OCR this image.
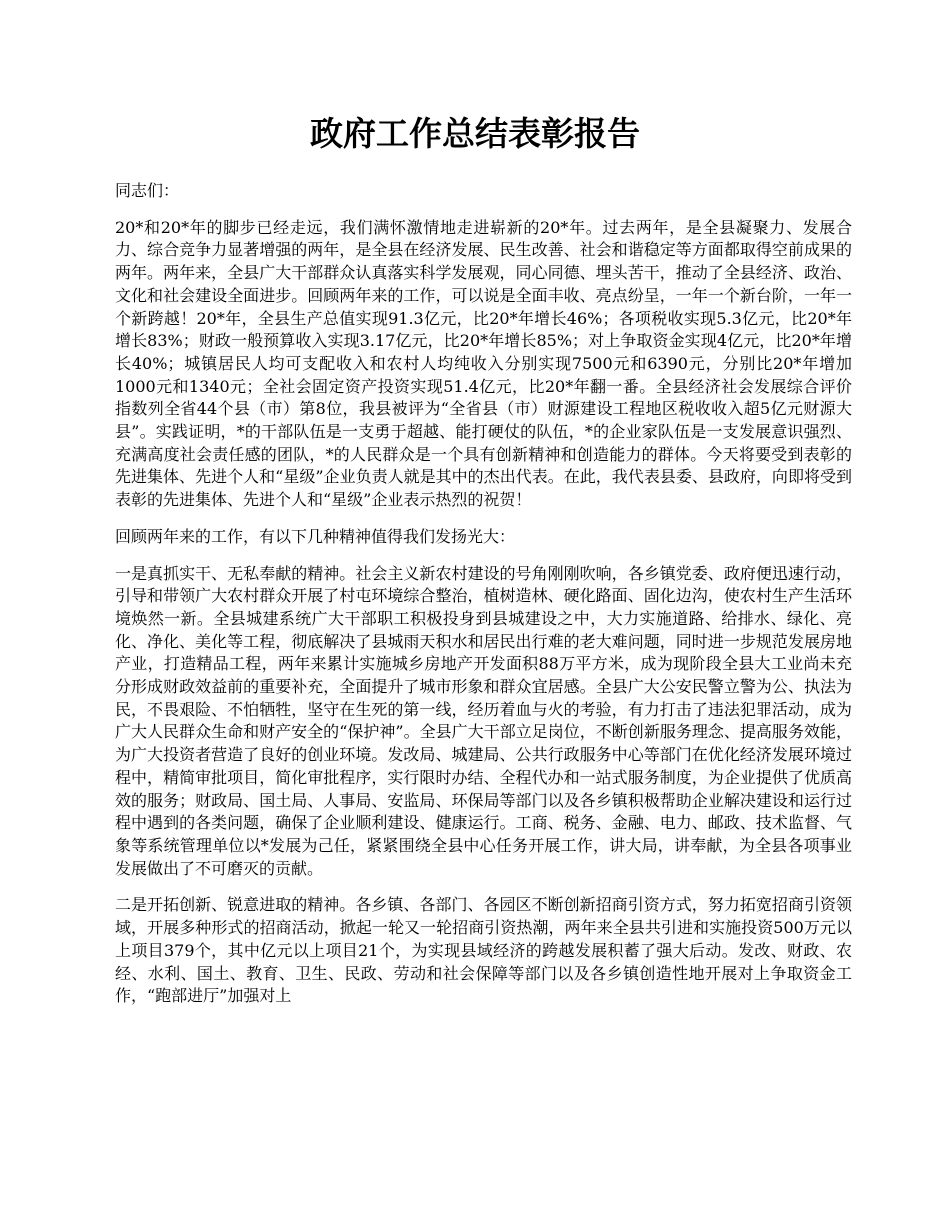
政府工作总结表彰报告

同志们：

20*和20*年的脚步已经走远，我们满怀激情地走进崭新的20*年。过去两年，是全县凝聚力、发展合力、综合竞争力显著增强的两年，是全县在经济发展、民生改善、社会和谐稳定等方面都取得空前成果的两年。两年来，全县广大干部群众认真落实科学发展观，同心同德、埋头苦干，推动了全县经济、政治、文化和社会建设全面进步。回顾两年来的工作，可以说是全面丰收、亮点纷呈，一年一个新台阶，一年一个新跨越！20*年，全县生产总值实现91.3亿元，比20*年增长46%；各项税收实现5.3亿元，比20*年增长83%；财政一般预算收入实现3.17亿元，比20*年增长85%；对上争取资金实现4亿元，比20*年增长40%；城镇居民人均可支配收入和农村人均纯收入分别实现7500元和6390元，分别比20*年增加1000元和1340元；全社会固定资产投资实现51.4亿元，比20*年翻一番。全县经济社会发展综合评价指数列全省44个县（市）第8位，我县被评为“全省县（市）财源建设工程地区税收收入超5亿元财源大县”。实践证明，*的干部队伍是一支勇于超越、能打硬仗的队伍，*的企业家队伍是一支发展意识强烈、充满高度社会责任感的团队，*的人民群众是一个具有创新精神和创造能力的群体。今天将要受到表彰的先进集体、先进个人和“星级”企业负责人就是其中的杰出代表。在此，我代表县委、县政府，向即将受到表彰的先进集体、先进个人和“星级”企业表示热烈的祝贺！

回顾两年来的工作，有以下几种精神值得我们发扬光大：

一是真抓实干、无私奉献的精神。社会主义新农村建设的号角刚刚吹响，各乡镇党委、政府便迅速行动，引导和带领广大农村群众开展了村屯环境综合整治，植树造林、硬化路面、固化边沟，使农村生产生活环境焕然一新。全县城建系统广大干部职工积极投身到县城建设之中，大力实施道路、给排水、绿化、亮化、净化、美化等工程，彻底解决了县城雨天积水和居民出行难的老大难问题，同时进一步规范发展房地产业，打造精品工程，两年来累计实施城乡房地产开发面积88万平方米，成为现阶段全县大工业尚未充分形成财政效益前的重要补充，全面提升了城市形象和群众宜居感。全县广大公安民警立警为公、执法为民，不畏艰险、不怕牺牲，坚守在生死的第一线，经历着血与火的考验，有力打击了违法犯罪活动，成为广大人民群众生命和财产安全的“保护神”。全县广大干部立足岗位，不断创新服务理念、提高服务效能，为广大投资者营造了良好的创业环境。发改局、城建局、公共行政服务中心等部门在优化经济发展环境过程中，精简审批项目，简化审批程序，实行限时办结、全程代办和一站式服务制度，为企业提供了优质高效的服务；财政局、国土局、人事局、安监局、环保局等部门以及各乡镇积极帮助企业解决建设和运行过程中遇到的各类问题，确保了企业顺利建设、健康运行。工商、税务、金融、电力、邮政、技术监督、气象等系统管理单位以*发展为己任，紧紧围绕全县中心任务开展工作，讲大局，讲奉献，为全县各项事业发展做出了不可磨灭的贡献。

二是开拓创新、锐意进取的精神。各乡镇、各部门、各园区不断创新招商引资方式，努力拓宽招商引资领域，开展多种形式的招商活动，掀起一轮又一轮招商引资热潮，两年来全县共引进和实施投资500万元以上项目379个，其中亿元以上项目21个，为实现县域经济的跨越发展积蓄了强大后动。发改、财政、农经、水利、国土、教育、卫生、民政、劳动和社会保障等部门以及各乡镇创造性地开展对上争取资金工作，“跑部进厅”加强对上
